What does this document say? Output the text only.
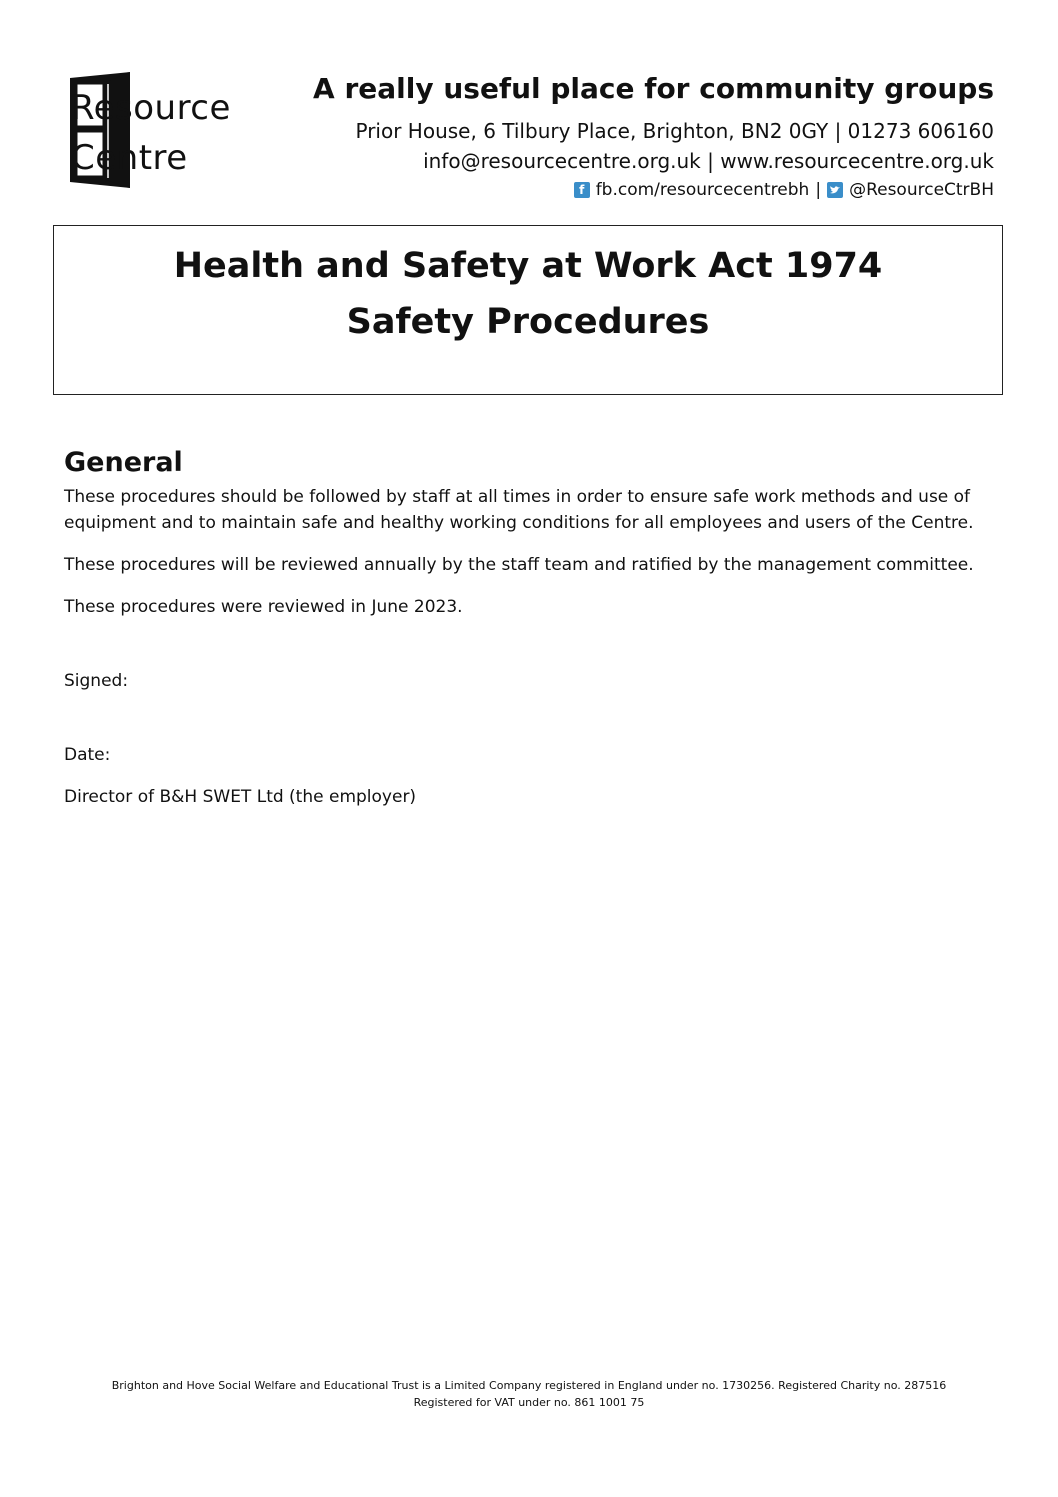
Resource
Centre
A really useful place for community groups
Prior House, 6 Tilbury Place, Brighton, BN2 0GY | 01273 606160
info@resourcecentre.org.uk | www.resourcecentre.org.uk
f fb.com/resourcecentrebh | @ResourceCtrBH
Health and Safety at Work Act 1974
Safety Procedures
General

These procedures should be followed by staff at all times in order to ensure safe work methods and use of equipment and to maintain safe and healthy working conditions for all employees and users of the Centre.

These procedures will be reviewed annually by the staff team and ratified by the management committee.

These procedures were reviewed in June 2023.

Signed:

Date:

Director of B&H SWET Ltd (the employer)

Brighton and Hove Social Welfare and Educational Trust is a Limited Company registered in England under no. 1730256. Registered Charity no. 287516
Registered for VAT under no. 861 1001 75
